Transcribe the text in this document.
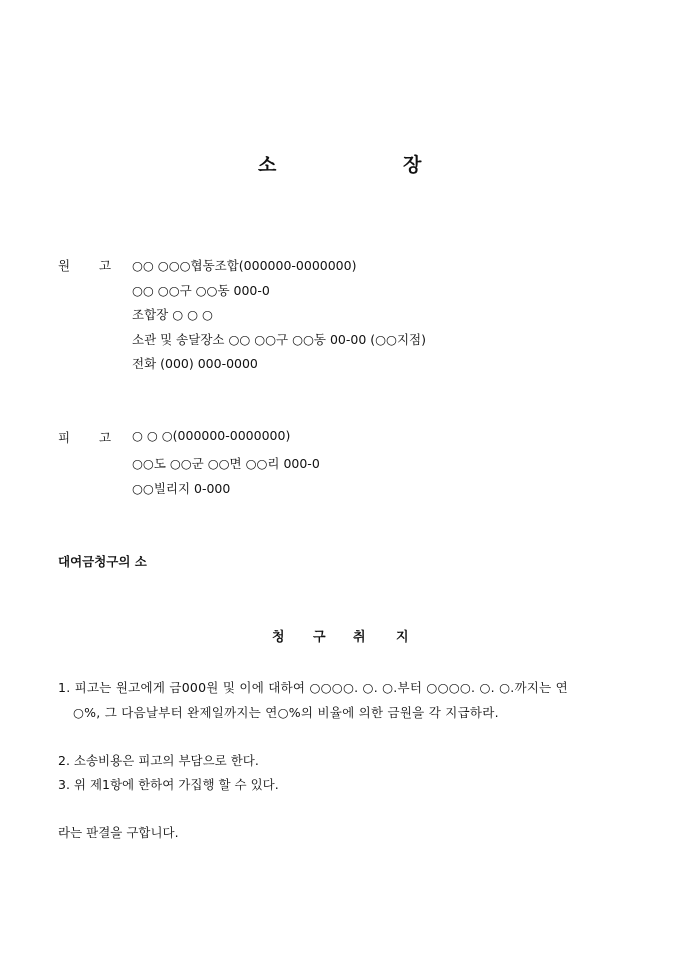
소	장
원 고 ○○ ○○○협동조합(000000-0000000)
○○ ○○구 ○○동 000-0
조합장 ○ ○ ○
소관 및 송달장소 ○○ ○○구 ○○동 00-00 (○○지점)
전화 (000) 000-0000
피 고 ○ ○ ○(000000-0000000)
○○도 ○○군 ○○면 ○○리 000-0
○○빌리지 0-000
대여금청구의 소
청 구 취 지
1. 피고는 원고에게 금000원 및 이에 대하여 ○○○○. ○. ○.부터 ○○○○. ○. ○.까지는 연
○%, 그 다음날부터 완제일까지는 연○%의 비율에 의한 금원을 각 지급하라.
2. 소송비용은 피고의 부담으로 한다.
3. 위 제1항에 한하여 가집행 할 수 있다.
라는 판결을 구합니다.
